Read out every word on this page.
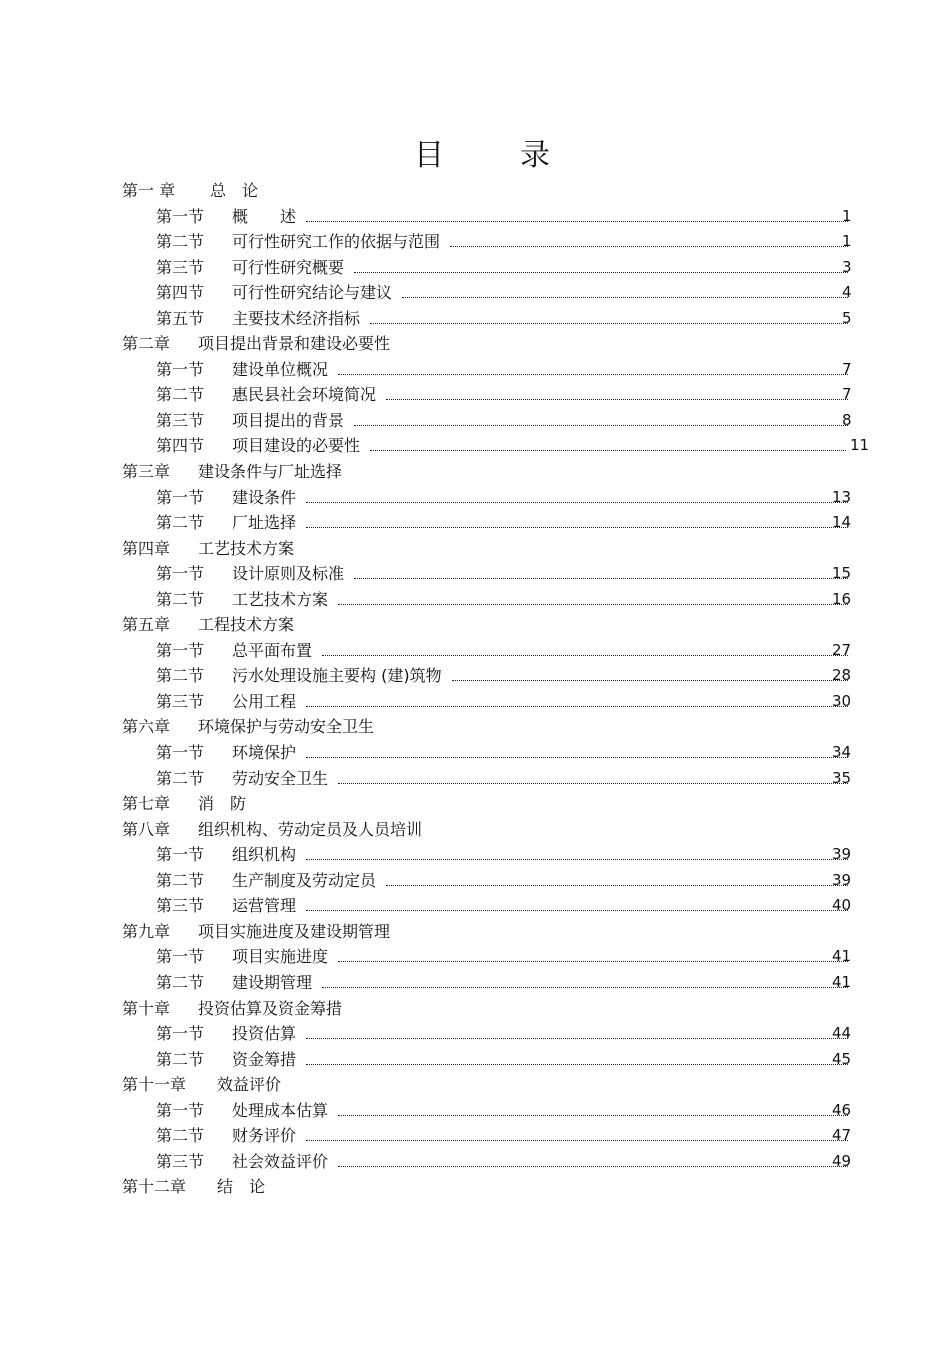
目	录
第一 章 总　论
第一节 概　　述	1
第二节 可行性研究工作的依据与范围	1
第三节 可行性研究概要	3
第四节 可行性研究结论与建议	4
第五节 主要技术经济指标	5
第二章 项目提出背景和建设必要性
第一节 建设单位概况	7
第二节 惠民县社会环境简况	7
第三节 项目提出的背景	8
第四节 项目建设的必要性	11
第三章 建设条件与厂址选择
第一节 建设条件	13
第二节 厂址选择	14
第四章 工艺技术方案
第一节 设计原则及标准	15
第二节 工艺技术方案	16
第五章 工程技术方案
第一节 总平面布置	27
第二节 污水处理设施主要构 (建)筑物	28
第三节 公用工程	30
第六章 环境保护与劳动安全卫生
第一节 环境保护	34
第二节 劳动安全卫生	35
第七章 消　防
第八章 组织机构、劳动定员及人员培训
第一节 组织机构	39
第二节 生产制度及劳动定员	39
第三节 运营管理	40
第九章 项目实施进度及建设期管理
第一节 项目实施进度	41
第二节 建设期管理	41
第十章 投资估算及资金筹措
第一节 投资估算	44
第二节 资金筹措	45
第十一章 效益评价
第一节 处理成本估算	46
第二节 财务评价	47
第三节 社会效益评价	49
第十二章 结　论
